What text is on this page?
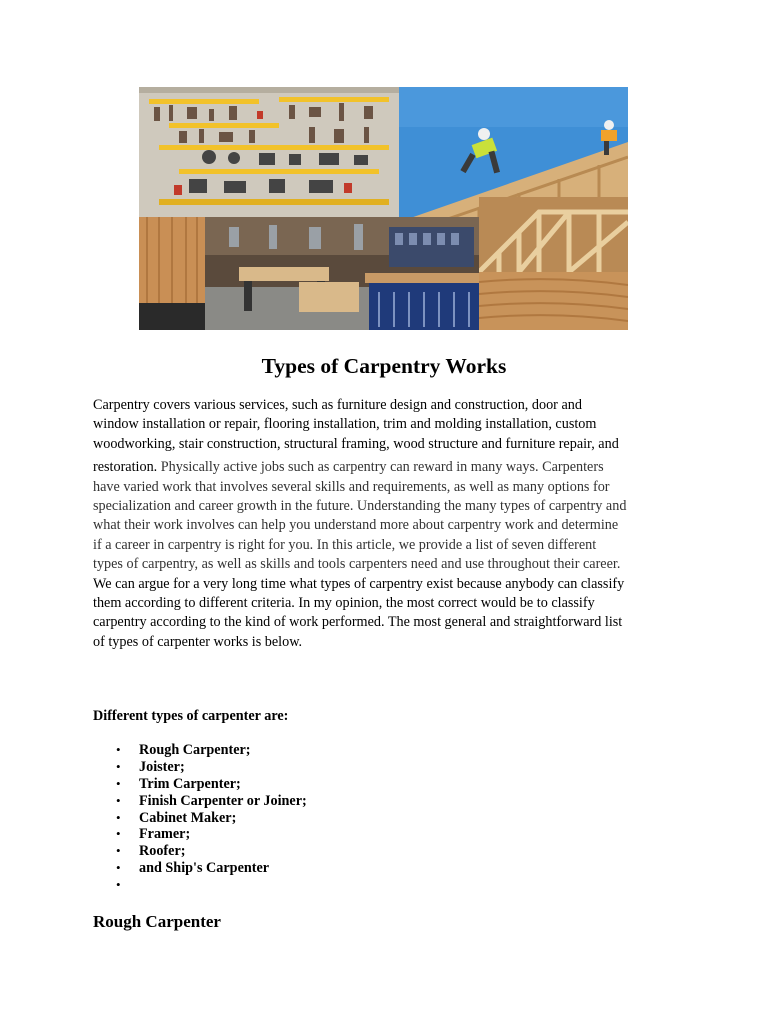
Types of Carpentry Works
Carpentry covers various services, such as furniture design and construction, door and
window installation or repair, flooring installation, trim and molding installation, custom
woodworking, stair construction, structural framing, wood structure and furniture repair, and
restoration. Physically active jobs such as carpentry can reward in many ways. Carpenters
have varied work that involves several skills and requirements, as well as many options for
specialization and career growth in the future. Understanding the many types of carpentry and
what their work involves can help you understand more about carpentry work and determine
if a career in carpentry is right for you. In this article, we provide a list of seven different
types of carpentry, as well as skills and tools carpenters need and use throughout their career.
We can argue for a very long time what types of carpentry exist because anybody can classify
them according to different criteria. In my opinion, the most correct would be to classify
carpentry according to the kind of work performed. The most general and straightforward list
of types of carpenter works is below.
Different types of carpenter are:
• Rough Carpenter;
• Joister;
• Trim Carpenter;
• Finish Carpenter or Joiner;
• Cabinet Maker;
• Framer;
• Roofer;
• and Ship's Carpenter
•
Rough Carpenter
